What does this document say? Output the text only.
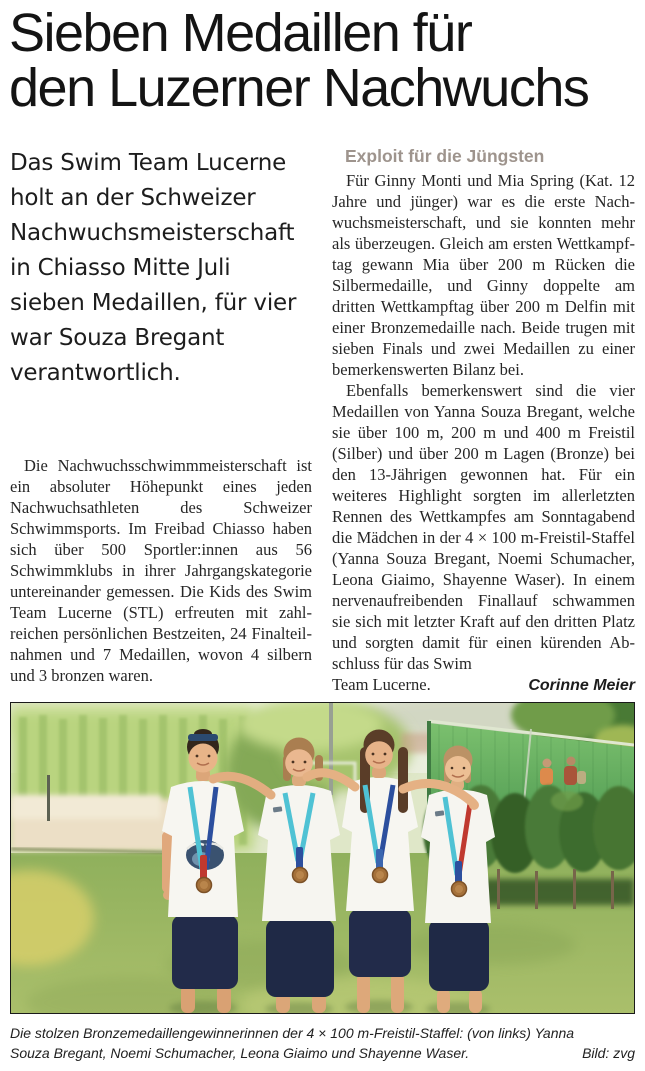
Sieben Medaillen für
den Luzerner Nachwuchs
Das Swim Team Lucerne holt an der Schweizer Nachwuchsmeisterschaft in Chiasso Mitte Juli sieben Medaillen, für vier war Souza Bregant verantwortlich.

Die Nachwuchsschwimmmeisterschaft ist ein absoluter Höhepunkt eines jeden Nachwuchsathleten des Schweizer Schwimmsports. Im Freibad Chiasso haben sich über 500 Sportler:innen aus 56 Schwimmklubs in ihrer Jahrgangskategorie untereinander gemessen. Die Kids des Swim Team Lucerne (STL) erfreuten mit zahlreichen persönlichen Bestzeiten, 24 Finalteilnahmen und 7 Medaillen, wovon 4 silbern und 3 bronzen waren.

Exploit für die Jüngsten

Für Ginny Monti und Mia Spring (Kat. 12 Jahre und jünger) war es die erste Nachwuchsmeisterschaft, und sie konnten mehr als überzeugen. Gleich am ersten Wettkampftag gewann Mia über 200 m Rücken die Silbermedaille, und Ginny doppelte am dritten Wettkampftag über 200 m Delfin mit einer Bronzemedaille nach. Beide trugen mit sieben Finals und zwei Medaillen zu einer bemerkenswerten Bilanz bei.

Ebenfalls bemerkenswert sind die vier Medaillen von Yanna Souza Bregant, welche sie über 100 m, 200 m und 400 m Freistil (Silber) und über 200 m Lagen (Bronze) bei den 13-Jährigen gewonnen hat. Für ein weiteres Highlight sorgten im allerletzten Rennen des Wettkampfes am Sonntagabend die Mädchen in der 4 × 100 m-Freistil-Staffel (Yanna Souza Bregant, Noemi Schumacher, Leona Giaimo, Shayenne Waser). In einem nervenaufreibenden Finallauf schwammen sie sich mit letzter Kraft auf den dritten Platz und sorgten damit für einen kürenden Abschluss für das Swim

Team Lucerne.	Corinne Meier
Die stolzen Bronzemedaillengewinnerinnen der 4 × 100 m-Freistil-Staffel: (von links) Yanna
Souza Bregant, Noemi Schumacher, Leona Giaimo und Shayenne Waser.	Bild: zvg
